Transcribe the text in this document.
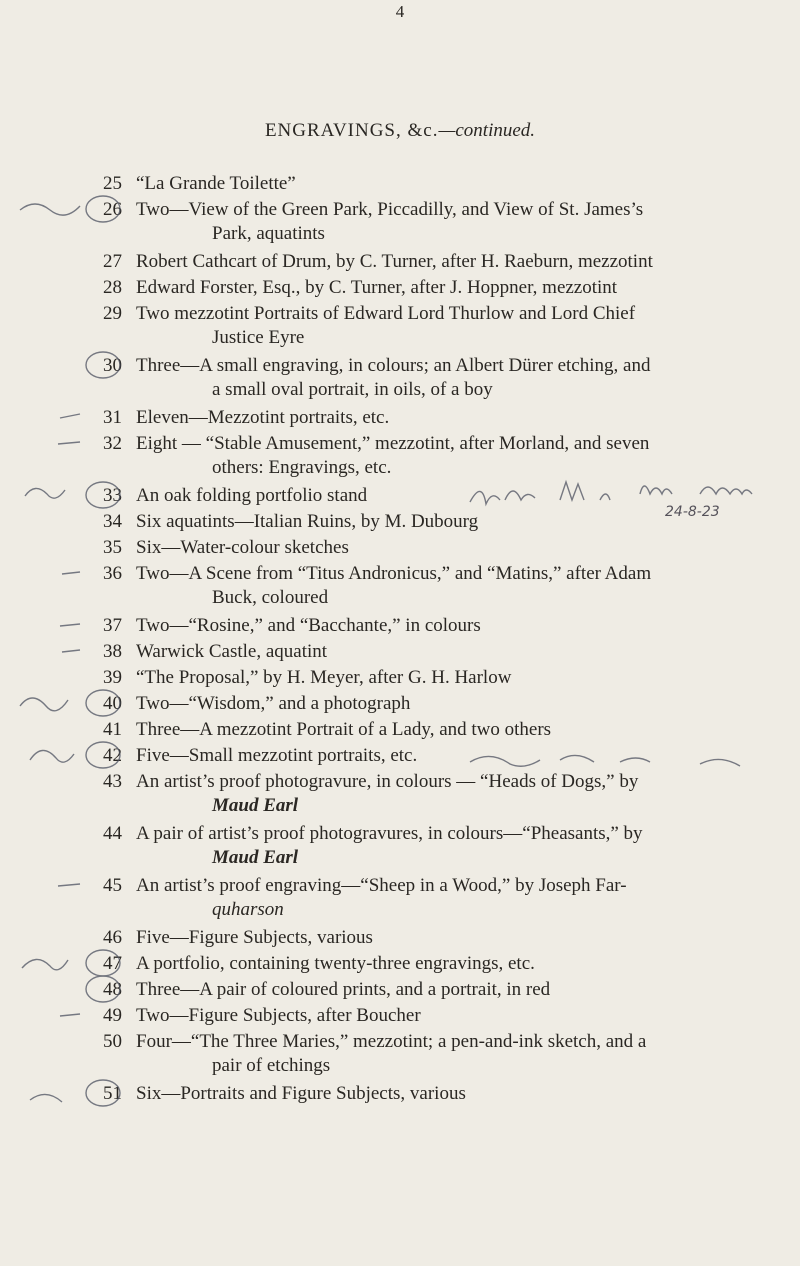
4
ENGRAVINGS, &c.—continued.
25 “La Grande Toilette”
26 Two—View of the Green Park, Piccadilly, and View of St. James’s
Park, aquatints
27 Robert Cathcart of Drum, by C. Turner, after H. Raeburn, mezzotint
28 Edward Forster, Esq., by C. Turner, after J. Hoppner, mezzotint
29 Two mezzotint Portraits of Edward Lord Thurlow and Lord Chief
Justice Eyre
30 Three—A small engraving, in colours; an Albert Dürer etching, and
a small oval portrait, in oils, of a boy
31 Eleven—Mezzotint portraits, etc.
32 Eight — “Stable Amusement,” mezzotint, after Morland, and seven
others: Engravings, etc.
33 An oak folding portfolio stand
34 Six aquatints—Italian Ruins, by M. Dubourg
35 Six—Water-colour sketches
36 Two—A Scene from “Titus Andronicus,” and “Matins,” after Adam
Buck, coloured
37 Two—“Rosine,” and “Bacchante,” in colours
38 Warwick Castle, aquatint
39 “The Proposal,” by H. Meyer, after G. H. Harlow
40 Two—“Wisdom,” and a photograph
41 Three—A mezzotint Portrait of a Lady, and two others
42 Five—Small mezzotint portraits, etc.
43 An artist’s proof photogravure, in colours — “Heads of Dogs,” by
Maud Earl
44 A pair of artist’s proof photogravures, in colours—“Pheasants,” by
Maud Earl
45 An artist’s proof engraving—“Sheep in a Wood,” by Joseph Far-
quharson
46 Five—Figure Subjects, various
47 A portfolio, containing twenty-three engravings, etc.
48 Three—A pair of coloured prints, and a portrait, in red
49 Two—Figure Subjects, after Boucher
50 Four—“The Three Maries,” mezzotint; a pen-and-ink sketch, and a
pair of etchings
51 Six—Portraits and Figure Subjects, various
24-8-23
